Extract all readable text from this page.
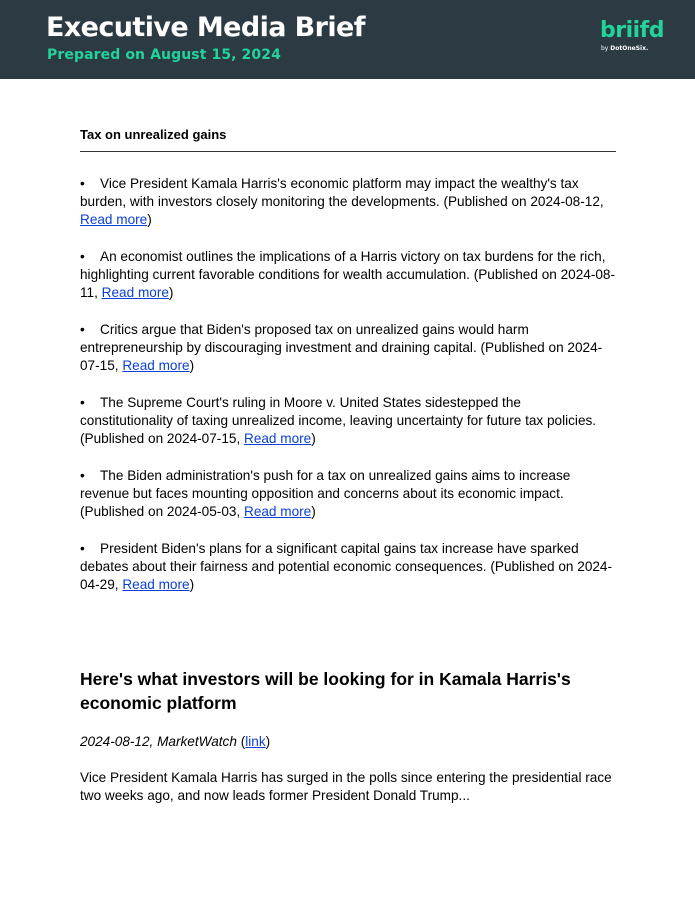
Executive Media Brief
Prepared on August 15, 2024
briifd
by DotOneSix.
Tax on unrealized gains
• Vice President Kamala Harris's economic platform may impact the wealthy's tax burden, with investors closely monitoring the developments. (Published on 2024-08-12, Read more)
• An economist outlines the implications of a Harris victory on tax burdens for the rich, highlighting current favorable conditions for wealth accumulation. (Published on 2024-08-11, Read more)
• Critics argue that Biden's proposed tax on unrealized gains would harm entrepreneurship by discouraging investment and draining capital. (Published on 2024-07-15, Read more)
• The Supreme Court's ruling in Moore v. United States sidestepped the constitutionality of taxing unrealized income, leaving uncertainty for future tax policies. (Published on 2024-07-15, Read more)
• The Biden administration's push for a tax on unrealized gains aims to increase revenue but faces mounting opposition and concerns about its economic impact. (Published on 2024-05-03, Read more)
• President Biden's plans for a significant capital gains tax increase have sparked debates about their fairness and potential economic consequences. (Published on 2024-04-29, Read more)
Here's what investors will be looking for in Kamala Harris's economic platform
2024-08-12, MarketWatch (link)

Vice President Kamala Harris has surged in the polls since entering the presidential race two weeks ago, and now leads former President Donald Trump...
